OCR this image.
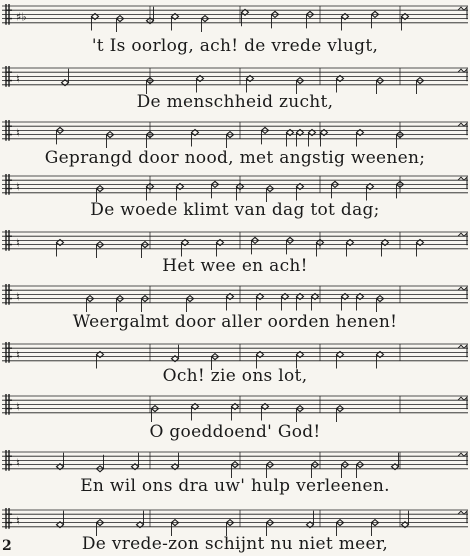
♯♭
't Is oorlog, ach! de vrede vlugt,
♮
De menschheid zucht,
♮
Geprangd door nood, met angstig weenen;
♮
De woede klimt van dag tot dag;
♮
Het wee en ach!
♮
Weergalmt door aller oorden henen!
♮
Och! zie ons lot,
♮
O goeddoend' God!
♮
En wil ons dra uw' hulp verleenen.
♮
De vrede-zon schijnt nu niet meer,
2
